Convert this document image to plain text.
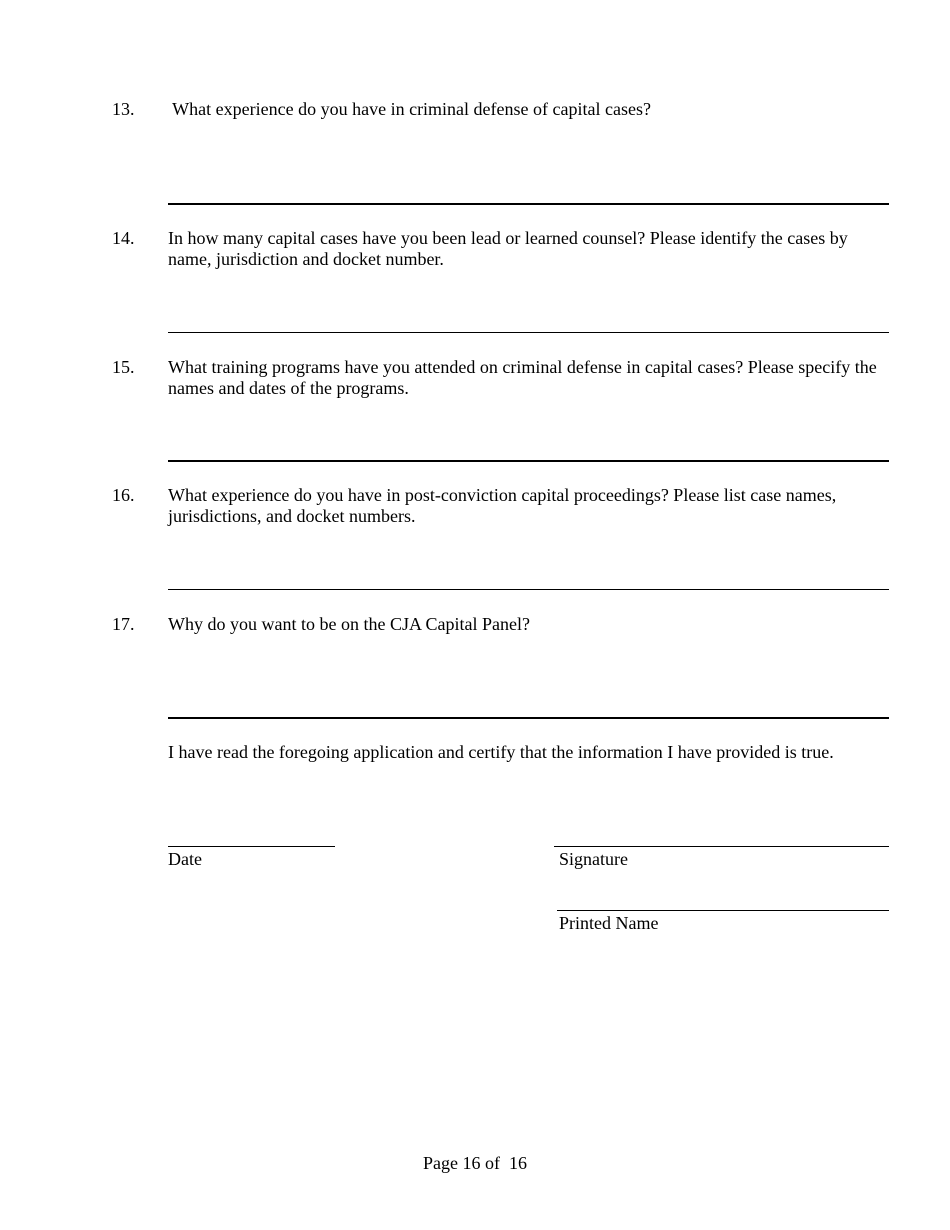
13. What experience do you have in criminal defense of capital cases?
14. In how many capital cases have you been lead or learned counsel? Please identify the cases by name, jurisdiction and docket number.
15. What training programs have you attended on criminal defense in capital cases? Please specify the names and dates of the programs.
16. What experience do you have in post-conviction capital proceedings? Please list case names, jurisdictions, and docket numbers.
17. Why do you want to be on the CJA Capital Panel?
I have read the foregoing application and certify that the information I have provided is true.
Date	Signature
Printed Name
Page 16 of  16
